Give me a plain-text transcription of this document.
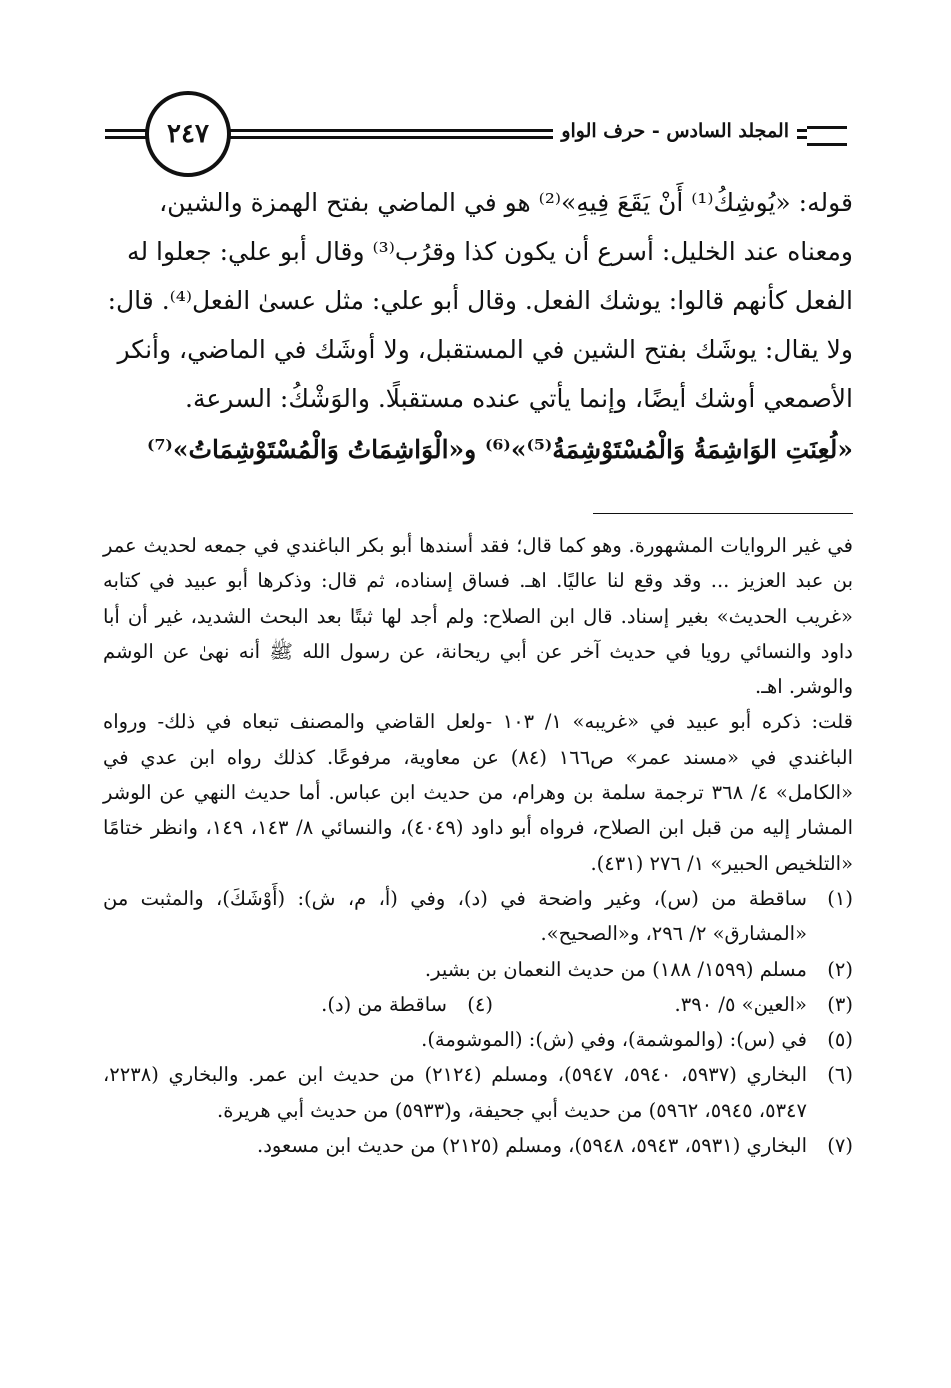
المجلد السادس - حرف الواو
٢٤٧

قوله: «يُوشِكُ⁽¹⁾ أَنْ يَقَعَ فِيهِ»⁽²⁾ هو في الماضي بفتح الهمزة والشين،

ومعناه عند الخليل: أسرع أن يكون كذا وقرُب⁽³⁾ وقال أبو علي: جعلوا له

الفعل كأنهم قالوا: يوشك الفعل. وقال أبو علي: مثل عسىٰ الفعل⁽⁴⁾. قال:

ولا يقال: يوشَك بفتح الشين في المستقبل، ولا أوشَك في الماضي، وأنكر

الأصمعي أوشك أيضًا، وإنما يأتي عنده مستقبلًا. والوَشْكُ: السرعة.

«لُعِنَتِ الوَاشِمَةُ وَالْمُسْتَوْشِمَةُ⁽⁵⁾»⁽⁶⁾ و«الْوَاشِمَاتُ وَالْمُسْتَوْشِمَاتُ»⁽⁷⁾

في غير الروايات المشهورة. وهو كما قال؛ فقد أسندها أبو بكر الباغندي في جمعه لحديث عمر بن عبد العزيز ... وقد وقع لنا عاليًا. اهـ. فساق إسناده، ثم قال: وذكرها أبو عبيد في كتابه «غريب الحديث» بغير إسناد. قال ابن الصلاح: ولم أجد لها ثبتًا بعد البحث الشديد، غير أن أبا داود والنسائي رويا في حديث آخر عن أبي ريحانة، عن رسول الله ﷺ أنه نهىٰ عن الوشم والوشر. اهـ.

قلت: ذكره أبو عبيد في «غريبه» ١/ ١٠٣ -ولعل القاضي والمصنف تبعاه في ذلك- ورواه الباغندي في «مسند عمر» ص١٦٦ (٨٤) عن معاوية، مرفوعًا. كذلك رواه ابن عدي في «الكامل» ٤/ ٣٦٨ ترجمة سلمة بن وهرام، من حديث ابن عباس. أما حديث النهي عن الوشر المشار إليه من قبل ابن الصلاح، فرواه أبو داود (٤٠٤٩)، والنسائي ٨/ ١٤٣، ١٤٩، وانظر ختامًا «التلخيص الحبير» ١/ ٢٧٦ (٤٣١).

(١)
ساقطة من (س)، وغير واضحة في (د)، وفي (أ، م، ش): (أَوْشَكَ)، والمثبت من «المشارق» ٢/ ٢٩٦، و«الصحيح».
(٢)
مسلم (١٥٩٩/ ١٨٨) من حديث النعمان بن بشير.
(٣)
«العين» ٥/ ٣٩٠.
(٤)
ساقطة من (د).
(٥)
في (س): (والموشمة)، وفي (ش): (الموشومة).
(٦)
البخاري (٥٩٣٧، ٥٩٤٠، ٥٩٤٧)، ومسلم (٢١٢٤) من حديث ابن عمر. والبخاري (٢٢٣٨، ٥٣٤٧، ٥٩٤٥، ٥٩٦٢) من حديث أبي جحيفة، و(٥٩٣٣) من حديث أبي هريرة.
(٧)
البخاري (٥٩٣١، ٥٩٤٣، ٥٩٤٨)، ومسلم (٢١٢٥) من حديث ابن مسعود.
